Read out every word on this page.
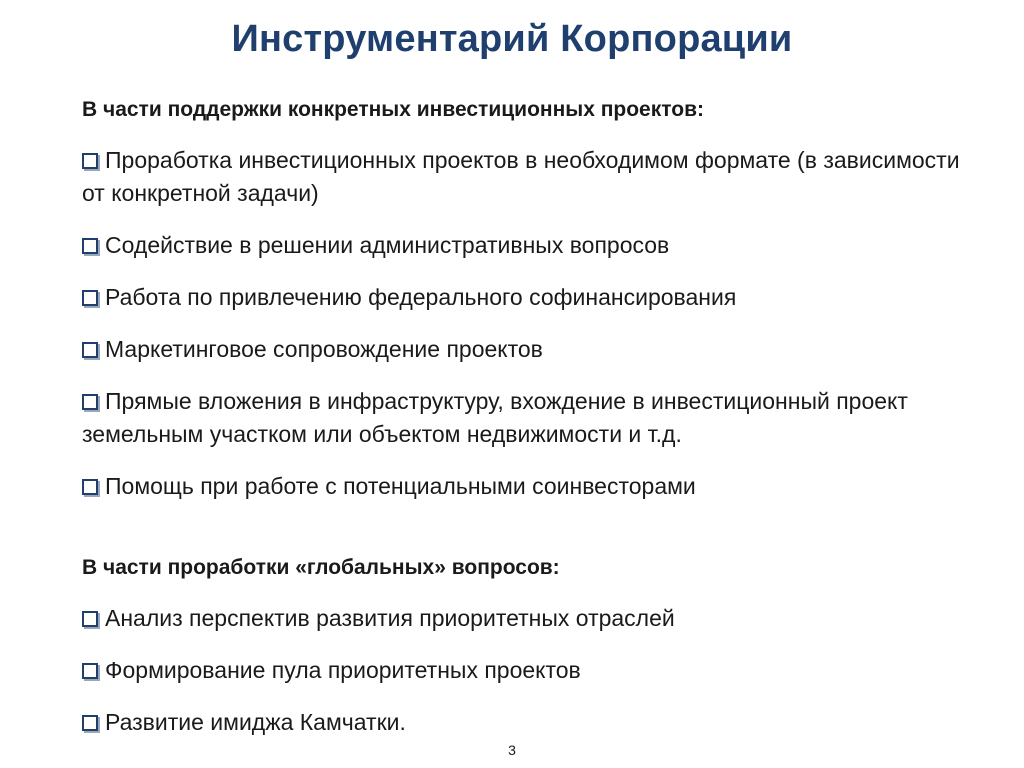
Инструментарий Корпорации
В части поддержки конкретных инвестиционных проектов:
Проработка инвестиционных проектов в необходимом формате (в зависимости от конкретной задачи)
Содействие в решении административных вопросов
Работа по привлечению федерального софинансирования
Маркетинговое сопровождение проектов
Прямые вложения в инфраструктуру, вхождение в инвестиционный проект земельным участком или объектом недвижимости и т.д.
Помощь при работе с потенциальными соинвесторами
В части проработки «глобальных» вопросов:
Анализ перспектив развития приоритетных отраслей
Формирование пула приоритетных проектов
Развитие имиджа Камчатки.
3
